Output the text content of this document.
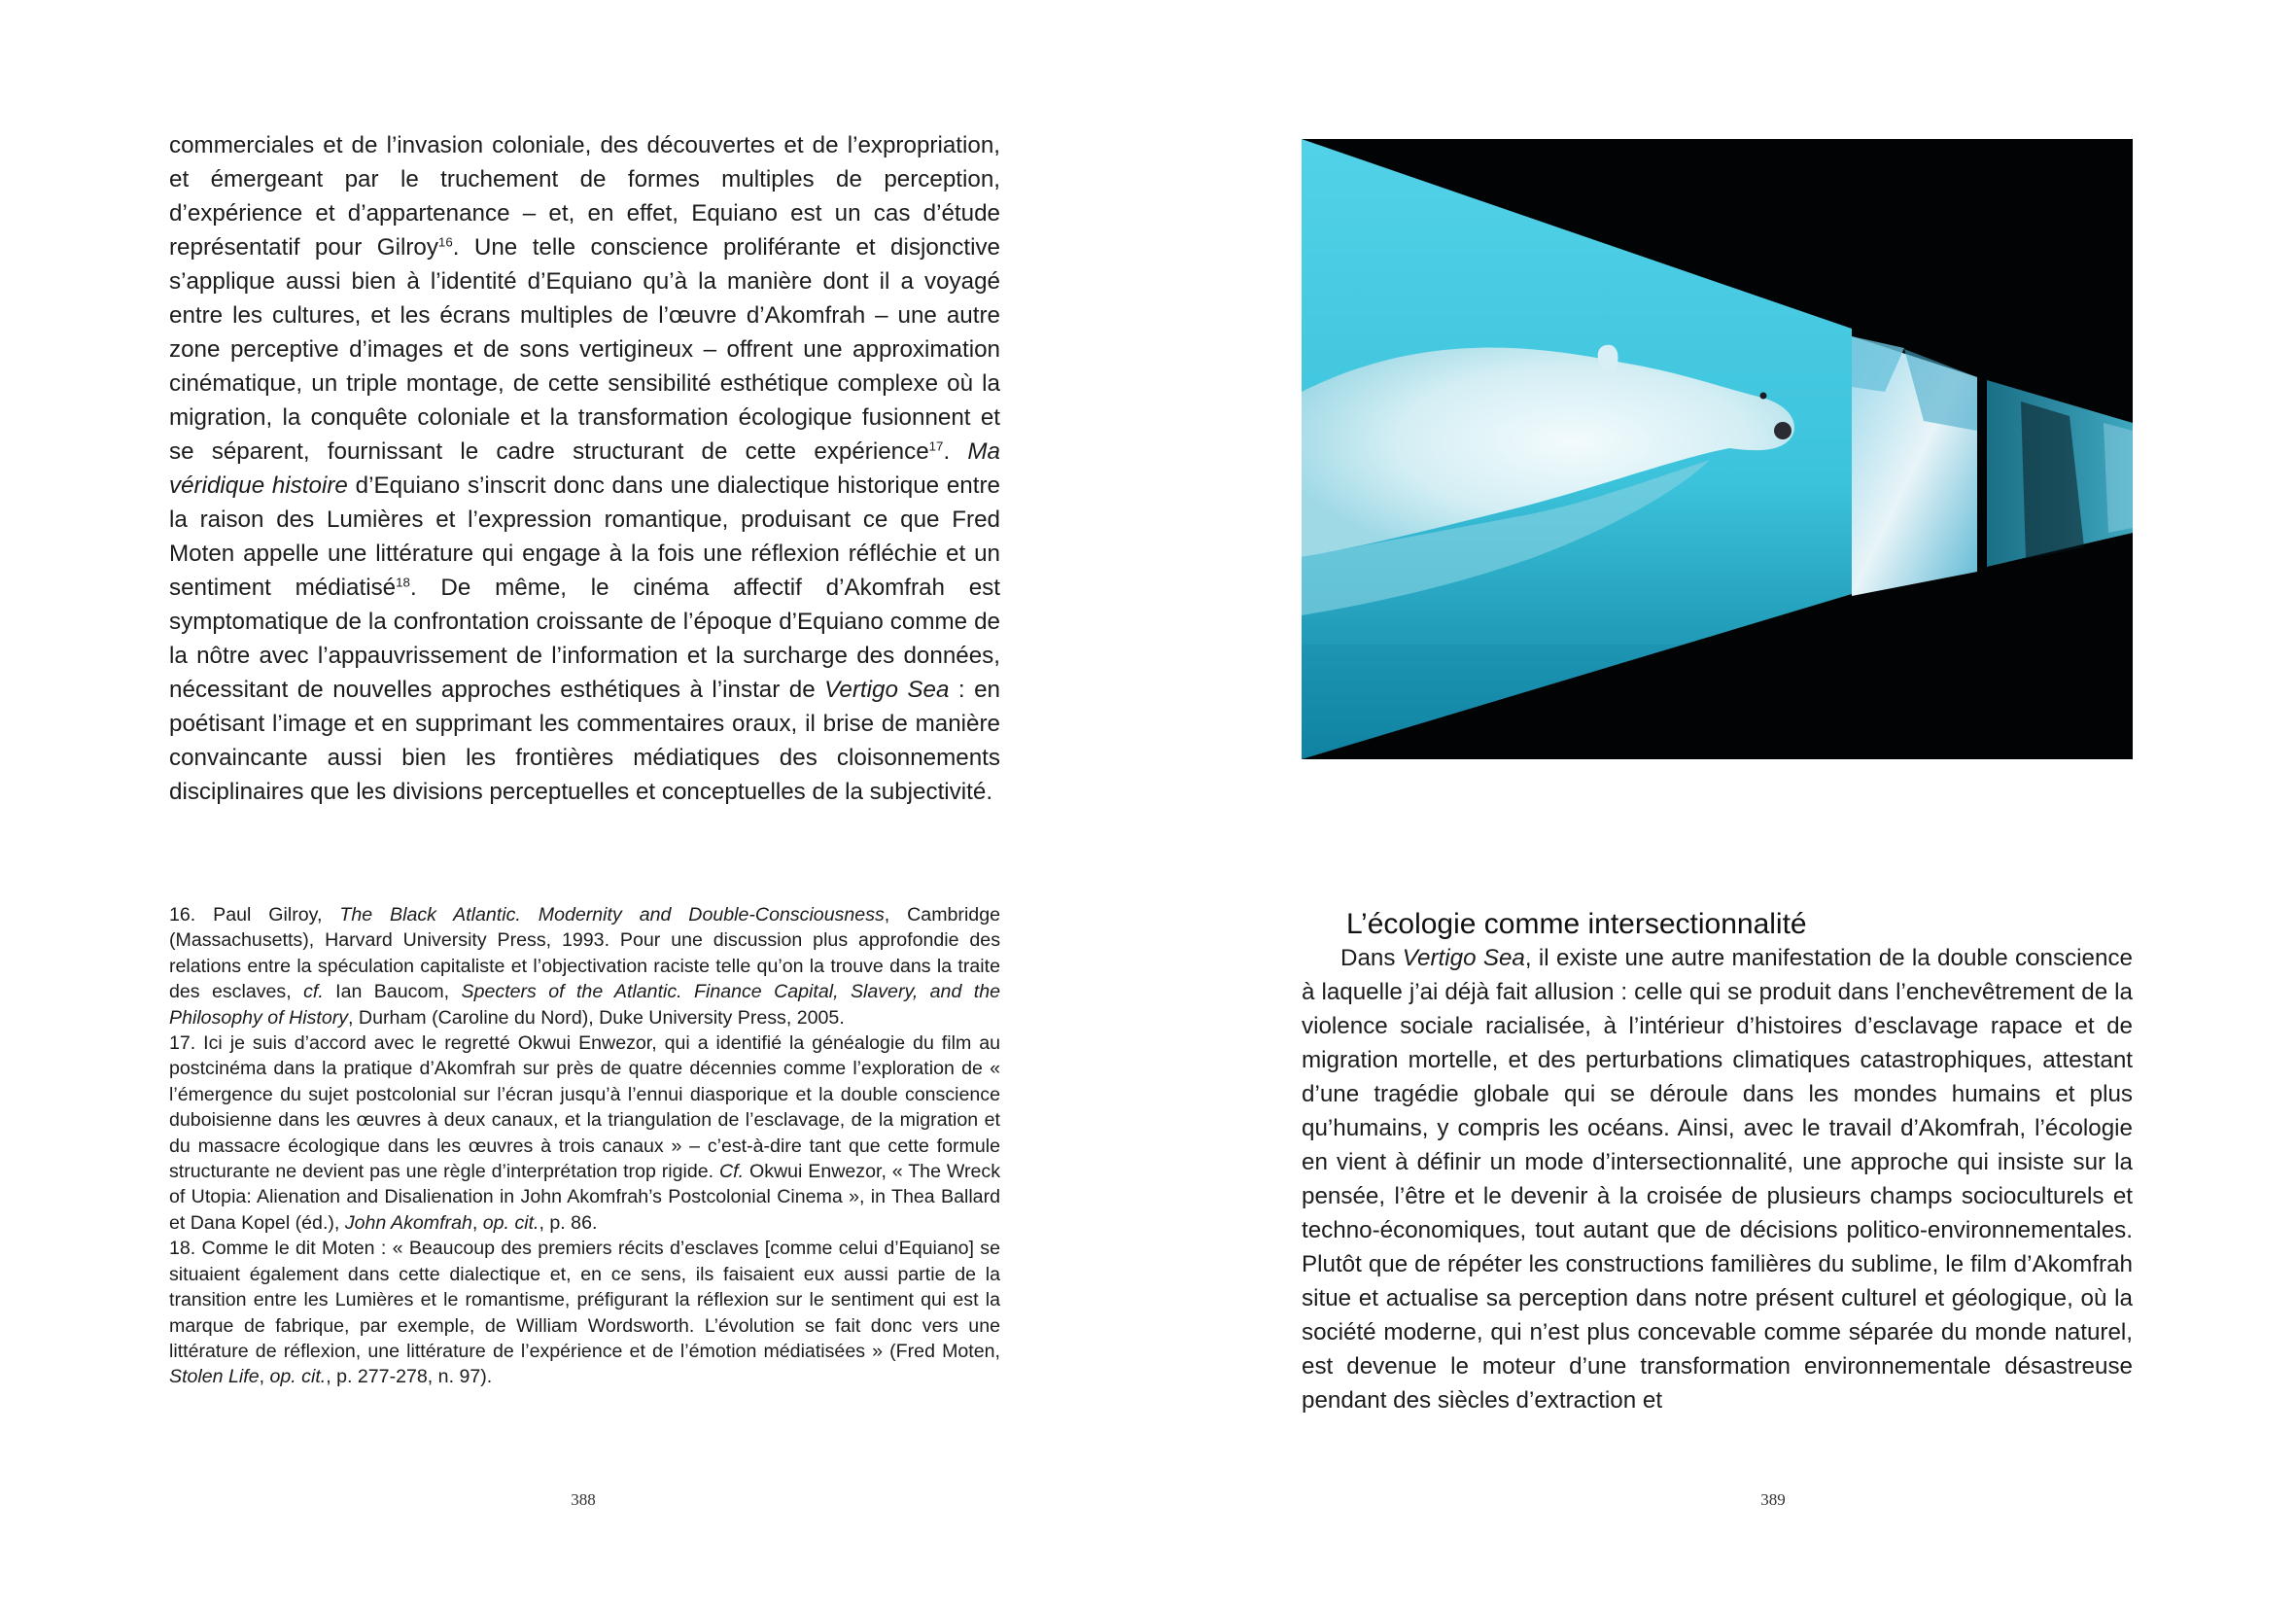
commerciales et de l’invasion coloniale, des découvertes et de l’expropriation, et émergeant par le truchement de formes multiples de perception, d’expérience et d’appartenance – et, en effet, Equiano est un cas d’étude représentatif pour Gilroy$^{16}$. Une telle conscience proliférante et disjonctive s’applique aussi bien à l’identité d’Equiano qu’à la manière dont il a voyagé entre les cultures, et les écrans multiples de l’œuvre d’Akomfrah – une autre zone perceptive d’images et de sons vertigineux – offrent une approximation cinématique, un triple montage, de cette sensibilité esthétique complexe où la migration, la conquête coloniale et la transformation écologique fusionnent et se séparent, fournissant le cadre structurant de cette expérience$^{17}$. Ma véridique histoire d’Equiano s’inscrit donc dans une dialectique historique entre la raison des Lumières et l’expression romantique, produisant ce que Fred Moten appelle une littérature qui engage à la fois une réflexion réfléchie et un sentiment médiatisé$^{18}$. De même, le cinéma affectif d’Akomfrah est symptomatique de la confrontation croissante de l’époque d’Equiano comme de la nôtre avec l’appauvrissement de l’information et la surcharge des données, nécessitant de nouvelles approches esthétiques à l’instar de Vertigo Sea : en poétisant l’image et en supprimant les commentaires oraux, il brise de manière convaincante aussi bien les frontières médiatiques des cloisonnements disciplinaires que les divisions perceptuelles et conceptuelles de la subjectivité.

16. Paul Gilroy, The Black Atlantic. Modernity and Double-Consciousness, Cambridge (Massachusetts), Harvard University Press, 1993. Pour une discussion plus approfondie des relations entre la spéculation capitaliste et l’objectivation raciste telle qu’on la trouve dans la traite des esclaves, cf. Ian Baucom, Specters of the Atlantic. Finance Capital, Slavery, and the Philosophy of History, Durham (Caroline du Nord), Duke University Press, 2005.

17. Ici je suis d’accord avec le regretté Okwui Enwezor, qui a identifié la généalogie du film au postcinéma dans la pratique d’Akomfrah sur près de quatre décennies comme l’exploration de « l’émergence du sujet postcolonial sur l’écran jusqu’à l’ennui diasporique et la double conscience duboisienne dans les œuvres à deux canaux, et la triangulation de l’esclavage, de la migration et du massacre écologique dans les œuvres à trois canaux » – c’est-à-dire tant que cette formule structurante ne devient pas une règle d’interprétation trop rigide. Cf. Okwui Enwezor, « The Wreck of Utopia: Alienation and Disalienation in John Akomfrah’s Postcolonial Cinema », in Thea Ballard et Dana Kopel (éd.), John Akomfrah, op. cit., p. 86.

18. Comme le dit Moten : « Beaucoup des premiers récits d’esclaves [comme celui d’Equiano] se situaient également dans cette dialectique et, en ce sens, ils faisaient eux aussi partie de la transition entre les Lumières et le romantisme, préfigurant la réflexion sur le sentiment qui est la marque de fabrique, par exemple, de William Wordsworth. L’évolution se fait donc vers une littérature de réflexion, une littérature de l’expérience et de l’émotion médiatisées » (Fred Moten, Stolen Life, op. cit., p. 277-278, n. 97).

388
L’écologie comme intersectionnalité

Dans Vertigo Sea, il existe une autre manifestation de la double conscience à laquelle j’ai déjà fait allusion : celle qui se produit dans l’enchevêtrement de la violence sociale racialisée, à l’intérieur d’histoires d’esclavage rapace et de migration mortelle, et des perturbations climatiques catastrophiques, attestant d’une tragédie globale qui se déroule dans les mondes humains et plus qu’humains, y compris les océans. Ainsi, avec le travail d’Akomfrah, l’écologie en vient à définir un mode d’intersectionnalité, une approche qui insiste sur la pensée, l’être et le devenir à la croisée de plusieurs champs socioculturels et techno-économiques, tout autant que de décisions politico-environnementales. Plutôt que de répéter les constructions familières du sublime, le film d’Akomfrah situe et actualise sa perception dans notre présent culturel et géologique, où la société moderne, qui n’est plus concevable comme séparée du monde naturel, est devenue le moteur d’une transformation environnementale désastreuse pendant des siècles d’extraction et

389
